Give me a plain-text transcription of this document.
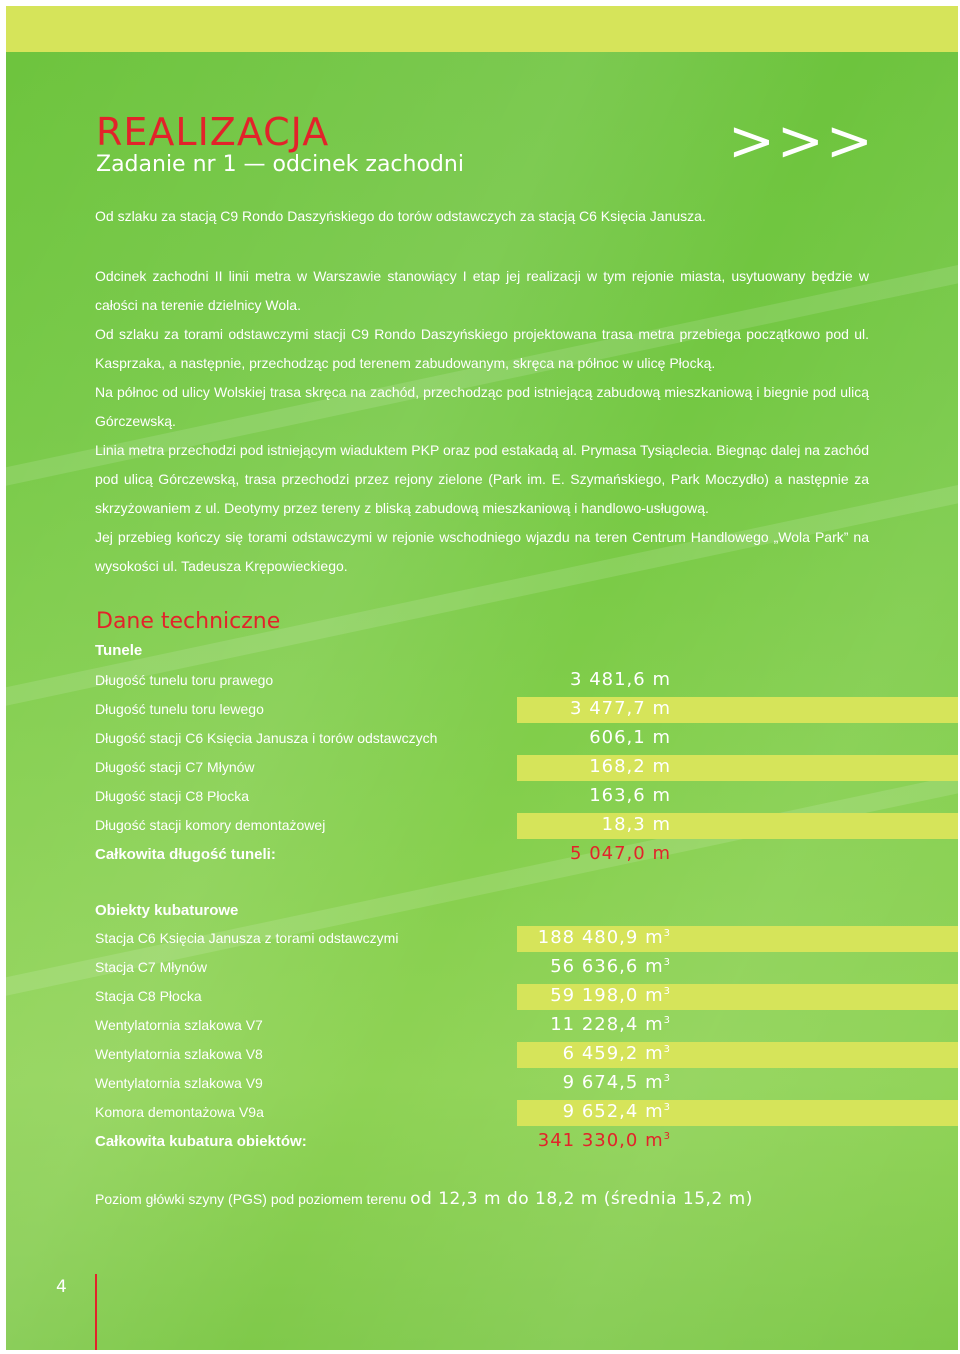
REALIZACJA
Zadanie nr 1 — odcinek zachodni	>>>

Od szlaku za stacją C9 Rondo Daszyńskiego do torów odstawczych za stacją C6 Księcia Janusza.

Odcinek zachodni II linii metra w Warszawie stanowiący I etap jej realizacji w tym rejonie miasta, usytuowany będzie w całości na terenie dzielnicy Wola.

Od szlaku za torami odstawczymi stacji C9 Rondo Daszyńskiego projektowana trasa metra przebiega początkowo pod ul. Kasprzaka, a następnie, przechodząc pod terenem zabudowanym, skręca na północ w ulicę Płocką.

Na północ od ulicy Wolskiej trasa skręca na zachód, przechodząc pod istniejącą zabudową mieszkaniową i biegnie pod ulicą Górczewską.

Linia metra przechodzi pod istniejącym wiaduktem PKP oraz pod estakadą al. Prymasa Tysiąclecia. Biegnąc dalej na zachód pod ulicą Górczewską, trasa przechodzi przez rejony zielone (Park im. E. Szymańskiego, Park Moczydło) a następnie za skrzyżowaniem z ul. Deotymy przez tereny z bliską zabudową mieszkaniową i handlowo-usługową.

Jej przebieg kończy się torami odstawczymi w rejonie wschodniego wjazdu na teren Centrum Handlowego „Wola Park” na wysokości ul. Tadeusza Krępowieckiego.

Dane techniczne
Tunele
Długość tunelu toru prawego	3 481,6 m
Długość tunelu toru lewego	3 477,7 m
Długość stacji C6 Księcia Janusza i torów odstawczych	606,1 m
Długość stacji C7 Młynów	168,2 m
Długość stacji C8 Płocka	163,6 m
Długość stacji komory demontażowej	18,3 m
Całkowita długość tuneli:	5 047,0 m
Obiekty kubaturowe
Stacja C6 Księcia Janusza z torami odstawczymi	188 480,9 $m^3$
Stacja C7 Młynów	56 636,6 $m^3$
Stacja C8 Płocka	59 198,0 $m^3$
Wentylatornia szlakowa V7	11 228,4 $m^3$
Wentylatornia szlakowa V8	6 459,2 $m^3$
Wentylatornia szlakowa V9	9 674,5 $m^3$
Komora demontażowa V9a	9 652,4 $m^3$
Całkowita kubatura obiektów:	341 330,0 $m^3$
Poziom główki szyny (PGS) pod poziomem terenu od 12,3 m do 18,2 m (średnia 15,2 m)
4
